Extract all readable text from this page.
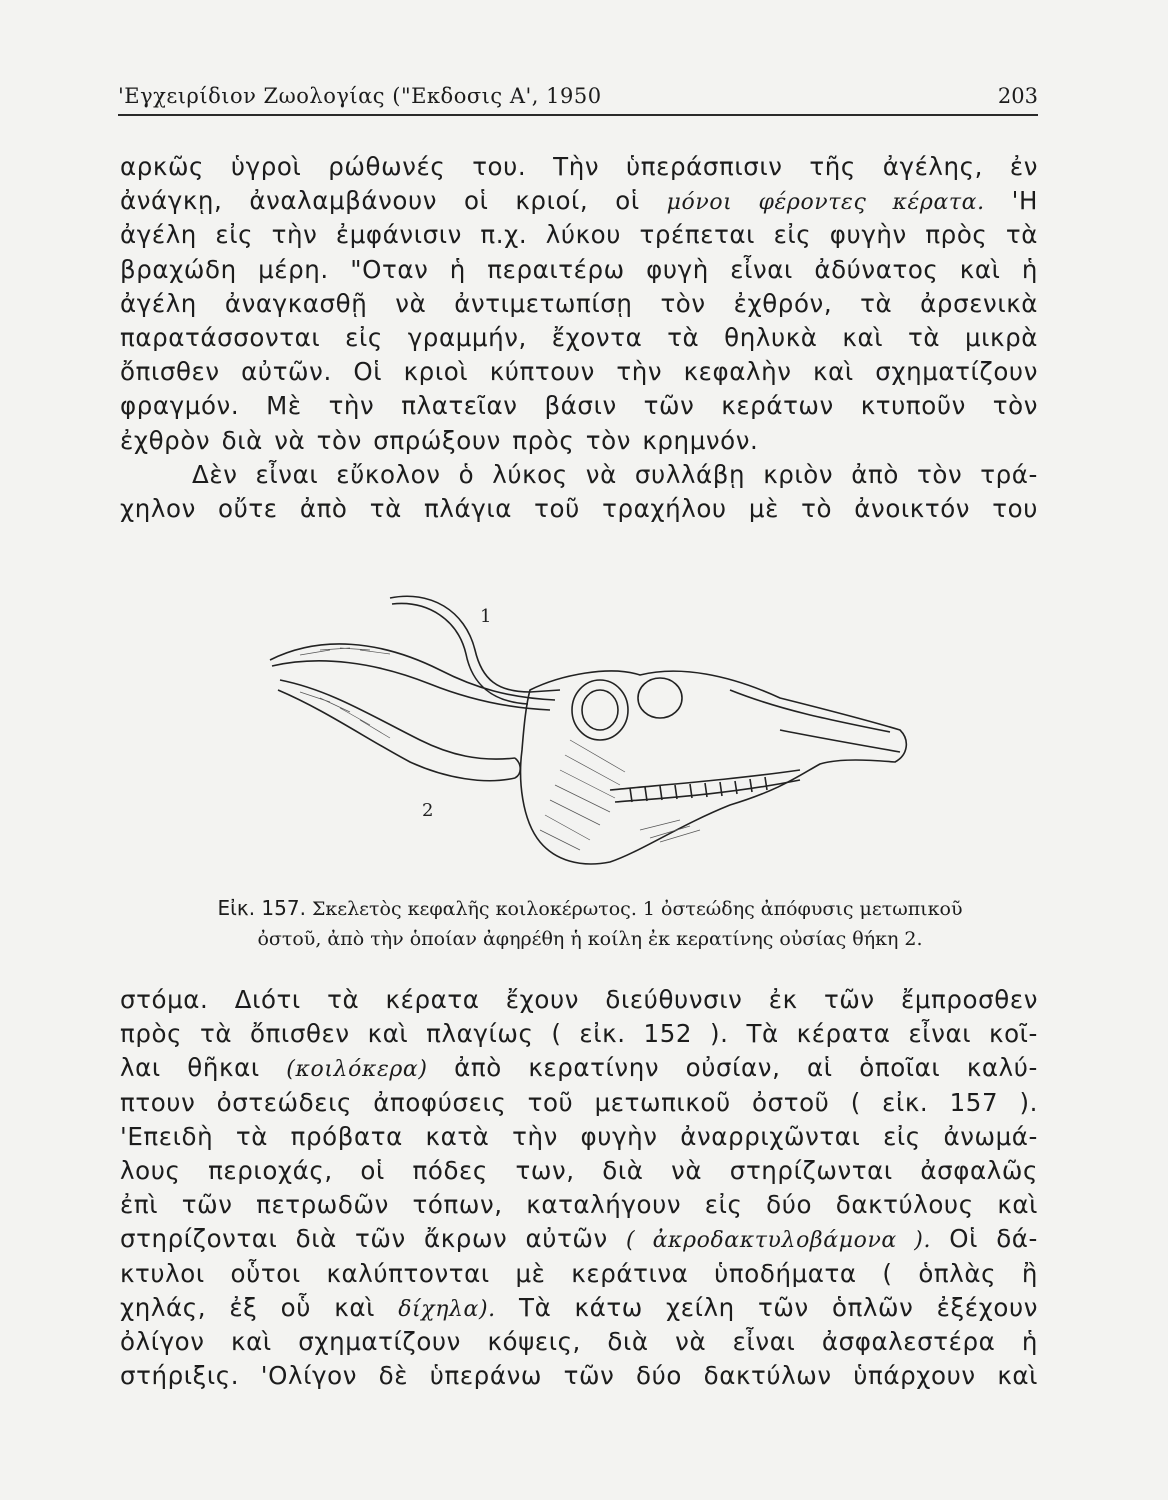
'Εγχειρίδιον Ζωολογίας ("Εκδοσις Α', 1950	203
αρκῶς ὑγροὶ ρώθωνές του. Τὴν ὑπεράσπισιν τῆς ἀγέλης, ἐν
ἀνάγκῃ, ἀναλαμβάνουν οἱ κριοί, οἱ μόνοι φέροντες κέρατα. 'Η
ἀγέλη εἰς τὴν ἐμφάνισιν π.χ. λύκου τρέπεται εἰς φυγὴν πρὸς τὰ
βραχώδη μέρη. "Οταν ἡ περαιτέρω φυγὴ εἶναι ἀδύνατος καὶ ἡ
ἀγέλη ἀναγκασθῇ νὰ ἀντιμετωπίσῃ τὸν ἐχθρόν, τὰ ἀρσενικὰ
παρατάσσονται εἰς γραμμήν, ἔχοντα τὰ θηλυκὰ καὶ τὰ μικρὰ
ὄπισθεν αὐτῶν. Οἱ κριοὶ κύπτουν τὴν κεφαλὴν καὶ σχηματίζουν
φραγμόν. Μὲ τὴν πλατεῖαν βάσιν τῶν κεράτων κτυποῦν τὸν
ἐχθρὸν διὰ νὰ τὸν σπρώξουν πρὸς τὸν κρημνόν.
Δὲν εἶναι εὔκολον ὁ λύκος νὰ συλλάβῃ κριὸν ἀπὸ τὸν τρά-
χηλον οὔτε ἀπὸ τὰ πλάγια τοῦ τραχήλου μὲ τὸ ἀνοικτόν του
1
2
Εἰκ. 157. Σκελετὸς κεφαλῆς κοιλοκέρωτος. 1 ὀστεώδης ἀπόφυσις μετωπικοῦ
ὀστοῦ, ἀπὸ τὴν ὁποίαν ἀφηρέθη ἡ κοίλη ἐκ κερατίνης οὐσίας θήκη 2.
στόμα. Διότι τὰ κέρατα ἔχουν διεύθυνσιν ἐκ τῶν ἔμπροσθεν
πρὸς τὰ ὄπισθεν καὶ πλαγίως ( εἰκ. 152 ). Τὰ κέρατα εἶναι κοῖ-
λαι θῆκαι (κοιλόκερα) ἀπὸ κερατίνην οὐσίαν, αἱ ὁποῖαι καλύ-
πτουν ὀστεώδεις ἀποφύσεις τοῦ μετωπικοῦ ὀστοῦ ( εἰκ. 157 ).
'Επειδὴ τὰ πρόβατα κατὰ τὴν φυγὴν ἀναρριχῶνται εἰς ἀνωμά-
λους περιοχάς, οἱ πόδες των, διὰ νὰ στηρίζωνται ἀσφαλῶς
ἐπὶ τῶν πετρωδῶν τόπων, καταλήγουν εἰς δύο δακτύλους καὶ
στηρίζονται διὰ τῶν ἄκρων αὐτῶν ( ἀκροδακτυλοβάμονα ). Οἱ δά-
κτυλοι οὗτοι καλύπτονται μὲ κεράτινα ὑποδήματα ( ὁπλὰς ἢ
χηλάς, ἐξ οὗ καὶ δίχηλα). Τὰ κάτω χείλη τῶν ὁπλῶν ἐξέχουν
ὀλίγον καὶ σχηματίζουν κόψεις, διὰ νὰ εἶναι ἀσφαλεστέρα ἡ
στήριξις. 'Ολίγον δὲ ὑπεράνω τῶν δύο δακτύλων ὑπάρχουν καὶ
